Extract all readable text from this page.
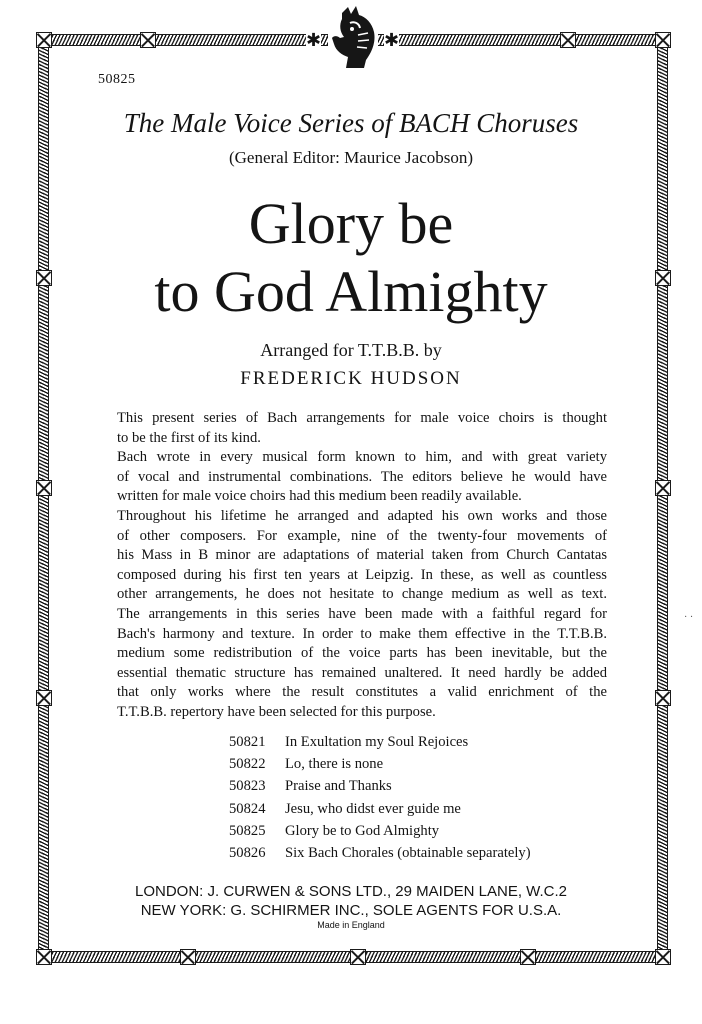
✱	✱
50825
The Male Voice Series of BACH Choruses
(General Editor: Maurice Jacobson)
Glory be
to God Almighty
Arranged for T.T.B.B. by
FREDERICK HUDSON

This present series of Bach arrangements for male voice choirs is thought
to be the first of its kind.
Bach wrote in every musical form known to him, and with great variety
of vocal and instrumental combinations. The editors believe he would have
written for male voice choirs had this medium been readily available.
Throughout his lifetime he arranged and adapted his own works and those
of other composers. For example, nine of the twenty-four movements of
his Mass in B minor are adaptations of material taken from Church Cantatas
composed during his first ten years at Leipzig. In these, as well as countless
other arrangements, he does not hesitate to change medium as well as text.
The arrangements in this series have been made with a faithful regard for
Bach's harmony and texture. In order to make them effective in the T.T.B.B.
medium some redistribution of the voice parts has been inevitable, but the
essential thematic structure has remained unaltered. It need hardly be added
that only works where the result constitutes a valid enrichment of the
T.T.B.B. repertory have been selected for this purpose.

50821 In Exultation my Soul Rejoices
50822 Lo, there is none
50823 Praise and Thanks
50824 Jesu, who didst ever guide me
50825 Glory be to God Almighty
50826 Six Bach Chorales (obtainable separately)
LONDON: J. CURWEN & SONS LTD., 29 MAIDEN LANE, W.C.2
NEW YORK: G. SCHIRMER INC., SOLE AGENTS FOR U.S.A.
Made in England
· ·
